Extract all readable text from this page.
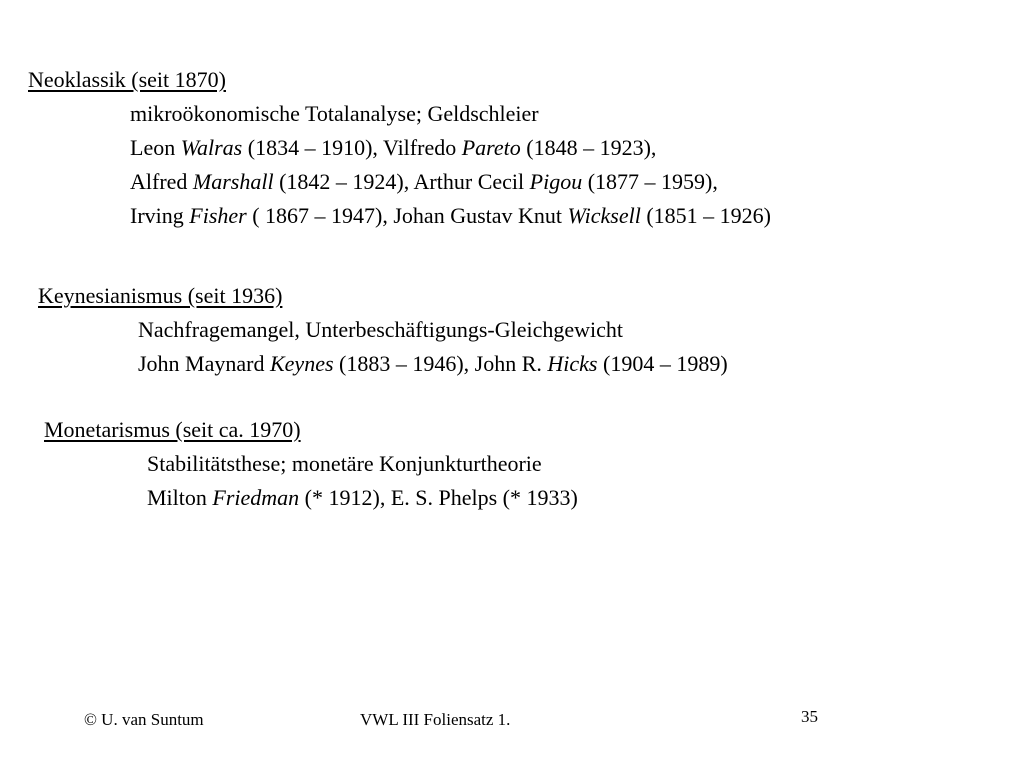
Neoklassik (seit 1870)
mikroökonomische Totalanalyse; Geldschleier
Leon Walras (1834 – 1910), Vilfredo Pareto (1848 – 1923),
Alfred Marshall (1842 – 1924), Arthur Cecil Pigou (1877 – 1959),
Irving Fisher ( 1867 – 1947), Johan Gustav Knut Wicksell (1851 – 1926)
Keynesianismus (seit 1936)
Nachfragemangel, Unterbeschäftigungs-Gleichgewicht
John Maynard Keynes (1883 – 1946), John R. Hicks (1904 – 1989)
Monetarismus (seit ca. 1970)
Stabilitätsthese; monetäre Konjunkturtheorie
Milton Friedman (* 1912), E. S. Phelps (* 1933)
© U. van Suntum	VWL III Foliensatz 1.	35
